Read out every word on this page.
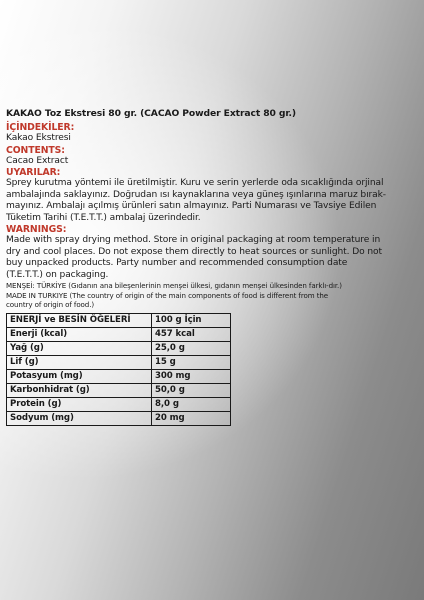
KAKAO Toz Ekstresi 80 gr. (CACAO Powder Extract 80 gr.)

İÇİNDEKİLER:

Kakao Ekstresi

CONTENTS:

Cacao Extract

UYARILAR:

Sprey kurutma yöntemi ile üretilmiştir. Kuru ve serin yerlerde oda sıcaklığında orjinal

ambalajında saklayınız. Doğrudan ısı kaynaklarına veya güneş ışınlarına maruz bırak-

mayınız. Ambalajı açılmış ürünleri satın almayınız. Parti Numarası ve Tavsiye Edilen

Tüketim Tarihi (T.E.T.T.) ambalaj üzerindedir.

WARNINGS:

Made with spray drying method. Store in original packaging at room temperature in

dry and cool places. Do not expose them directly to heat sources or sunlight. Do not

buy unpacked products. Party number and recommended consumption date

(T.E.T.T.) on packaging.

MENŞEİ: TÜRKİYE (Gıdanın ana bileşenlerinin menşei ülkesi, gıdanın menşei ülkesinden farklı-dır.)

MADE IN TURKIYE (The country of origin of the main components of food is different from the

country of origin of food.)

ENERJİ ve BESİN ÖĞELERİ	100 g İçin
Enerji (kcal)	457 kcal
Yağ (g)	25,0 g
Lif (g)	15 g
Potasyum (mg)	300 mg
Karbonhidrat (g)	50,0 g
Protein (g)	8,0 g
Sodyum (mg)	20 mg
